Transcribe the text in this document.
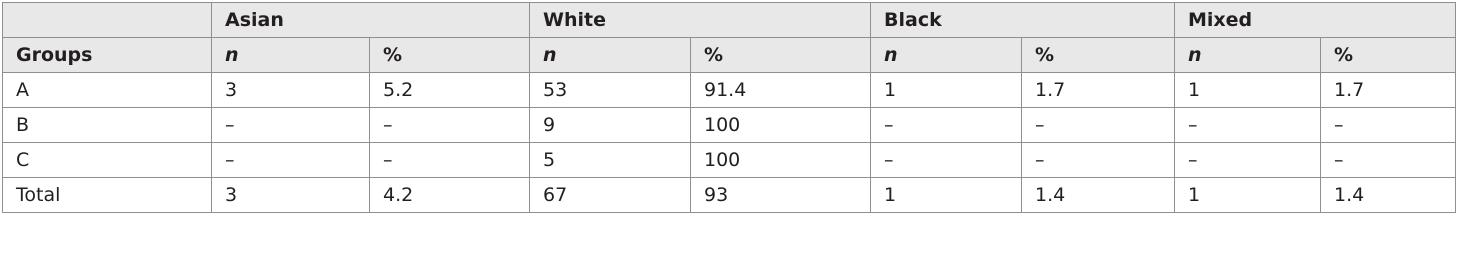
	Asian		White		Black		Mixed	
Groups	n	%	n	%	n	%	n	%
A	3	5.2	53	91.4	1	1.7	1	1.7
B	–	–	9	100	–	–	–	–
C	–	–	5	100	–	–	–	–
Total	3	4.2	67	93	1	1.4	1	1.4
